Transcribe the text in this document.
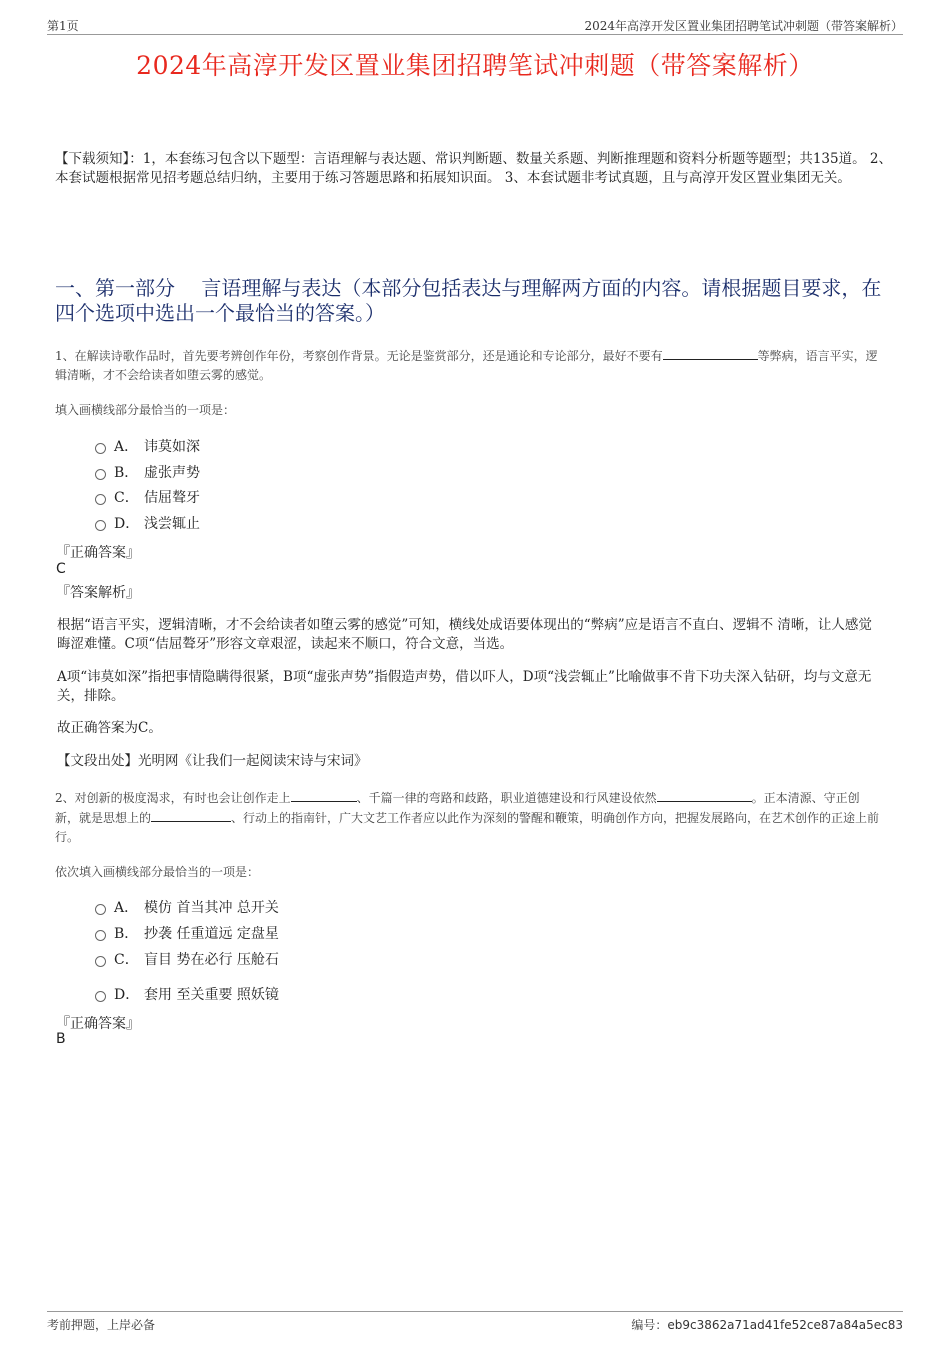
第1页	2024年高淳开发区置业集团招聘笔试冲刺题（带答案解析）
2024年高淳开发区置业集团招聘笔试冲刺题（带答案解析）
【下载须知】：1，本套练习包含以下题型：言语理解与表达题、常识判断题、数量关系题、判断推理题和资料分析题等题型；共135道。 2、本套试题根据常见招考题总结归纳，主要用于练习答题思路和拓展知识面。 3、本套试题非考试真题，且与高淳开发区置业集团无关。
一、第一部分　 言语理解与表达（本部分包括表达与理解两方面的内容。请根据题目要求，在四个选项中选出一个最恰当的答案。）
1、在解读诗歌作品时，首先要考辨创作年份，考察创作背景。无论是鉴赏部分，还是通论和专论部分，最好不要有	等弊病，语言平实，逻辑清晰，才不会给读者如堕云雾的感觉。
填入画横线部分最恰当的一项是：
A． 讳莫如深
B． 虚张声势
C． 佶屈聱牙
D． 浅尝辄止
『正确答案』
C
『答案解析』
根据“语言平实，逻辑清晰，才不会给读者如堕云雾的感觉”可知，横线处成语要体现出的“弊病”应是语言不直白、逻辑不 清晰，让人感觉晦涩难懂。C项“佶屈聱牙”形容文章艰涩，读起来不顺口，符合文意，当选。
A项“讳莫如深”指把事情隐瞒得很紧，B项“虚张声势”指假造声势，借以吓人，D项“浅尝辄止”比喻做事不肯下功夫深入钻研，均与文意无关，排除。
故正确答案为C。
【文段出处】光明网《让我们一起阅读宋诗与宋词》
2、对创新的极度渴求，有时也会让创作走上	、千篇一律的弯路和歧路，职业道德建设和行风建设依然	。正本清源、守正创新，就是思想上的	、行动上的指南针，广大文艺工作者应以此作为深刻的警醒和鞭策，明确创作方向，把握发展路向，在艺术创作的正途上前行。
依次填入画横线部分最恰当的一项是：
A． 模仿 首当其冲 总开关
B． 抄袭 任重道远 定盘星
C． 盲目 势在必行 压舱石
D． 套用 至关重要 照妖镜
『正确答案』
B
考前押题，上岸必备	编号：eb9c3862a71ad41fe52ce87a84a5ec83
